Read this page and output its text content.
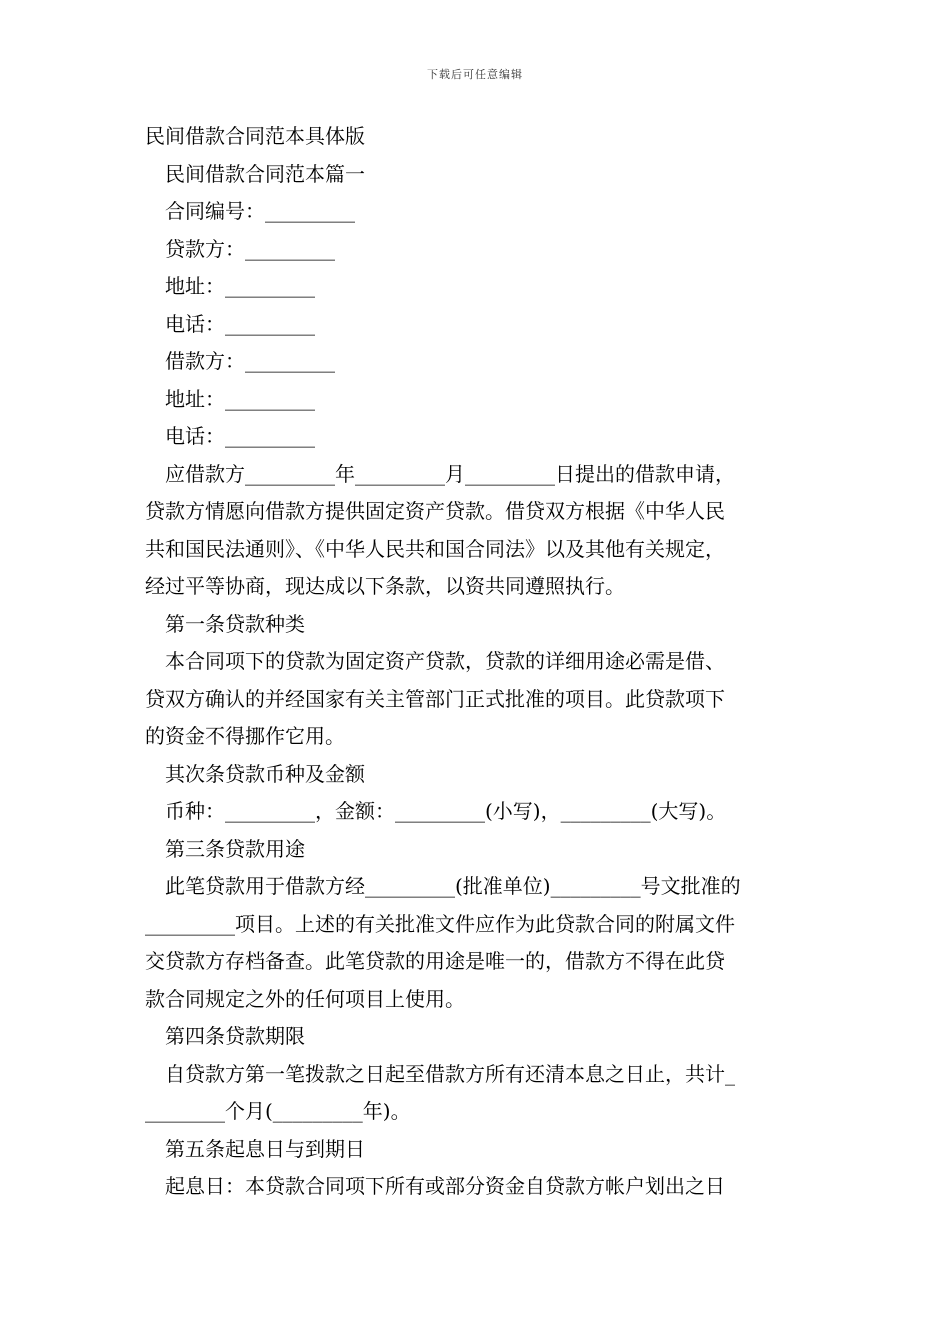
下载后可任意编辑
民间借款合同范本具体版
民间借款合同范本篇一
合同编号：_________
贷款方：_________
地址：_________
电话：_________
借款方：_________
地址：_________
电话：_________
应借款方_________年_________月_________日提出的借款申请，
贷款方情愿向借款方提供固定资产贷款。借贷双方根据《中华人民
共和国民法通则》、《中华人民共和国合同法》以及其他有关规定，
经过平等协商，现达成以下条款，以资共同遵照执行。
第一条贷款种类
本合同项下的贷款为固定资产贷款，贷款的详细用途必需是借、
贷双方确认的并经国家有关主管部门正式批准的项目。此贷款项下
的资金不得挪作它用。
其次条贷款币种及金额
币种：_________，金额：_________(小写)，_________(大写)。
第三条贷款用途
此笔贷款用于借款方经_________(批准单位)_________号文批准的
_________项目。上述的有关批准文件应作为此贷款合同的附属文件
交贷款方存档备查。此笔贷款的用途是唯一的，借款方不得在此贷
款合同规定之外的任何项目上使用。
第四条贷款期限
自贷款方第一笔拨款之日起至借款方所有还清本息之日止，共计_
________个月(_________年)。
第五条起息日与到期日
起息日：本贷款合同项下所有或部分资金自贷款方帐户划出之日
